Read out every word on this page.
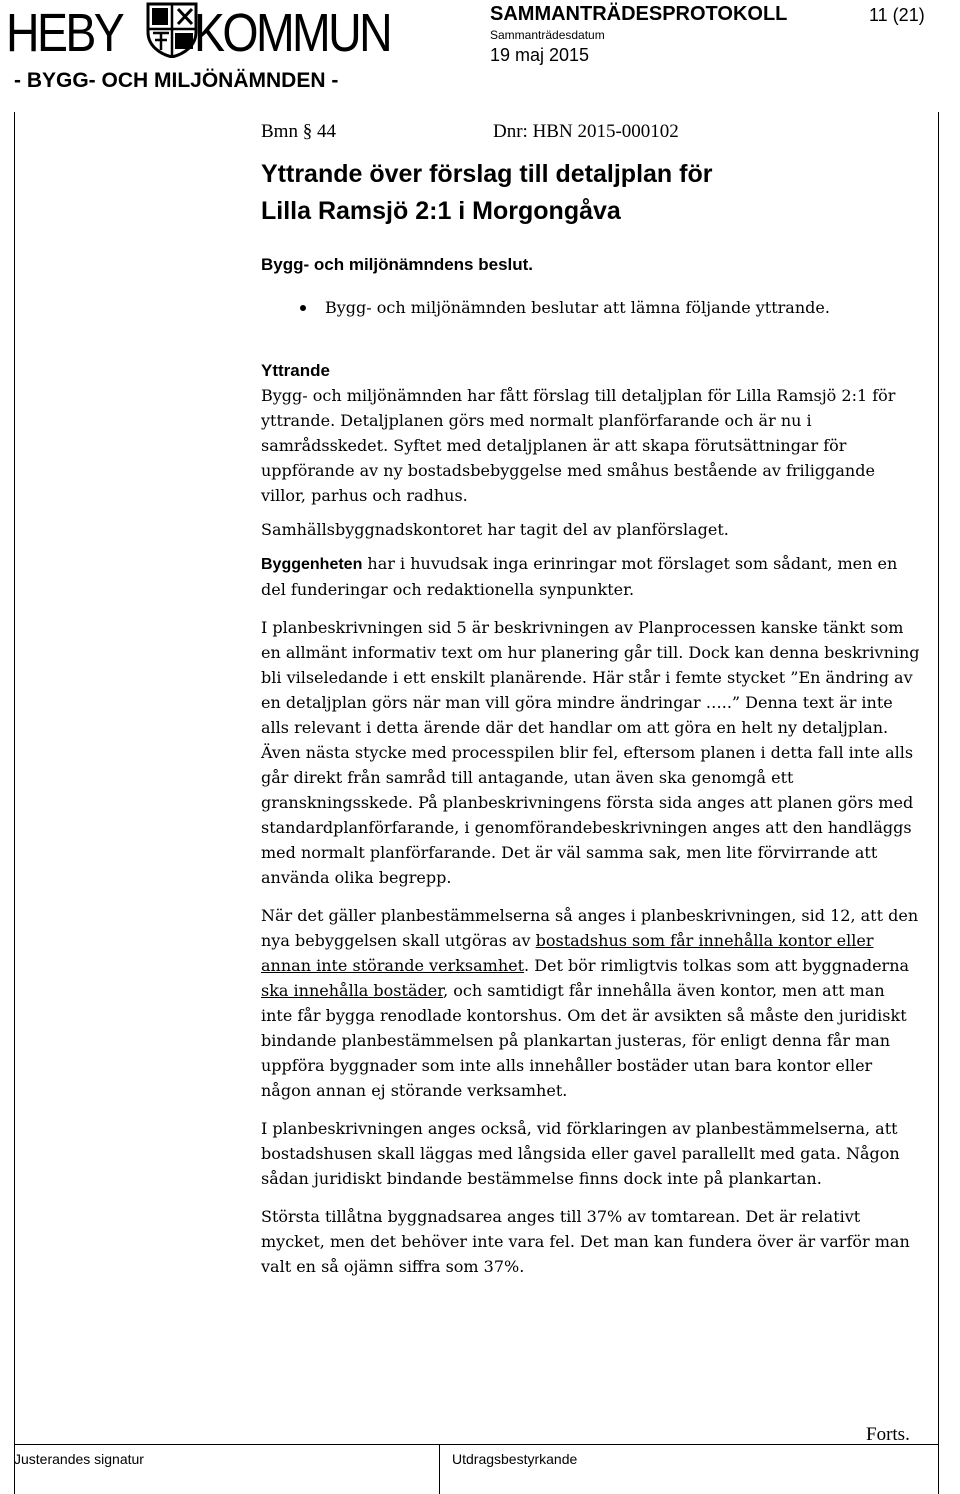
HEBY KOMMUN
- BYGG- OCH MILJÖNÄMNDEN -
SAMMANTRÄDESPROTOKOLL
Sammanträdesdatum
19 maj 2015
11 (21)
Bmn § 44	Dnr: HBN 2015-000102
Yttrande över förslag till detaljplan för
Lilla Ramsjö 2:1 i Morgongåva
Bygg- och miljönämndens beslut.
Bygg- och miljönämnden beslutar att lämna följande yttrande.
Yttrande

Bygg- och miljönämnden har fått förslag till detaljplan för Lilla Ramsjö 2:1 för yttrande. Detaljplanen görs med normalt planförfarande och är nu i samrådsskedet. Syftet med detaljplanen är att skapa förutsättningar för uppförande av ny bostadsbebyggelse med småhus bestående av friliggande villor, parhus och radhus.

Samhällsbyggnadskontoret har tagit del av planförslaget.

Byggenheten har i huvudsak inga erinringar mot förslaget som sådant, men en del funderingar och redaktionella synpunkter.

I planbeskrivningen sid 5 är beskrivningen av Planprocessen kanske tänkt som en allmänt informativ text om hur planering går till. Dock kan denna beskrivning bli vilseledande i ett enskilt planärende. Här står i femte stycket ”En ändring av en detaljplan görs när man vill göra mindre ändringar …..” Denna text är inte alls relevant i detta ärende där det handlar om att göra en helt ny detaljplan. Även nästa stycke med processpilen blir fel, eftersom planen i detta fall inte alls går direkt från samråd till antagande, utan även ska genomgå ett granskningsskede. På planbeskrivningens första sida anges att planen görs med standardplanförfarande, i genomförandebeskrivningen anges att den handläggs med normalt planförfarande. Det är väl samma sak, men lite förvirrande att använda olika begrepp.

När det gäller planbestämmelserna så anges i planbeskrivningen, sid 12, att den nya bebyggelsen skall utgöras av bostadshus som får innehålla kontor eller annan inte störande verksamhet. Det bör rimligtvis tolkas som att byggnaderna ska innehålla bostäder, och samtidigt får innehålla även kontor, men att man inte får bygga renodlade kontorshus. Om det är avsikten så måste den juridiskt bindande planbestämmelsen på plankartan justeras, för enligt denna får man uppföra byggnader som inte alls innehåller bostäder utan bara kontor eller någon annan ej störande verksamhet.

I planbeskrivningen anges också, vid förklaringen av planbestämmelserna, att bostadshusen skall läggas med långsida eller gavel parallellt med gata. Någon sådan juridiskt bindande bestämmelse finns dock inte på plankartan.

Största tillåtna byggnadsarea anges till 37% av tomtarean. Det är relativt mycket, men det behöver inte vara fel. Det man kan fundera över är varför man valt en så ojämn siffra som 37%.

Forts.
Justerandes signatur	Utdragsbestyrkande
